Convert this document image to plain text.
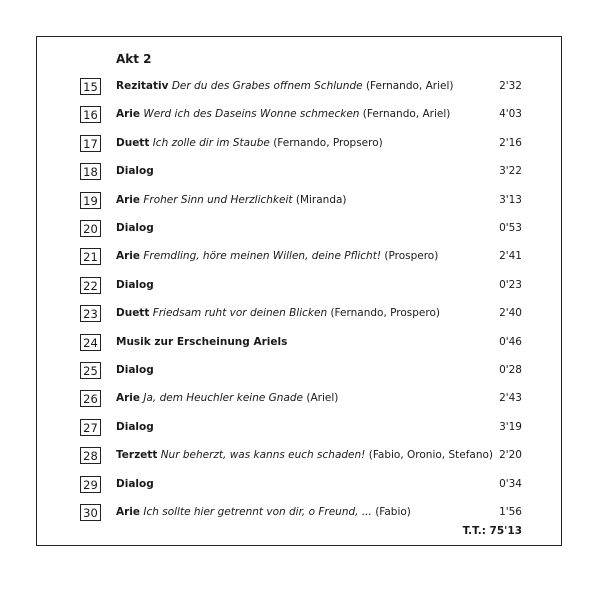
Akt 2
15	Rezitativ Der du des Grabes offnem Schlunde (Fernando, Ariel)	2'32
16	Arie Werd ich des Daseins Wonne schmecken (Fernando, Ariel)	4'03
17	Duett Ich zolle dir im Staube (Fernando, Propsero)	2'16
18	Dialog	3'22
19	Arie Froher Sinn und Herzlichkeit (Miranda)	3'13
20	Dialog	0'53
21	Arie Fremdling, höre meinen Willen, deine Pflicht! (Prospero)	2'41
22	Dialog	0'23
23	Duett Friedsam ruht vor deinen Blicken (Fernando, Prospero)	2'40
24	Musik zur Erscheinung Ariels	0'46
25	Dialog	0'28
26	Arie Ja, dem Heuchler keine Gnade (Ariel)	2'43
27	Dialog	3'19
28	Terzett Nur beherzt, was kanns euch schaden! (Fabio, Oronio, Stefano) 2'20
29	Dialog	0'34
30	Arie Ich sollte hier getrennt von dir, o Freund, ... (Fabio)	1'56
T.T.: 75'13
